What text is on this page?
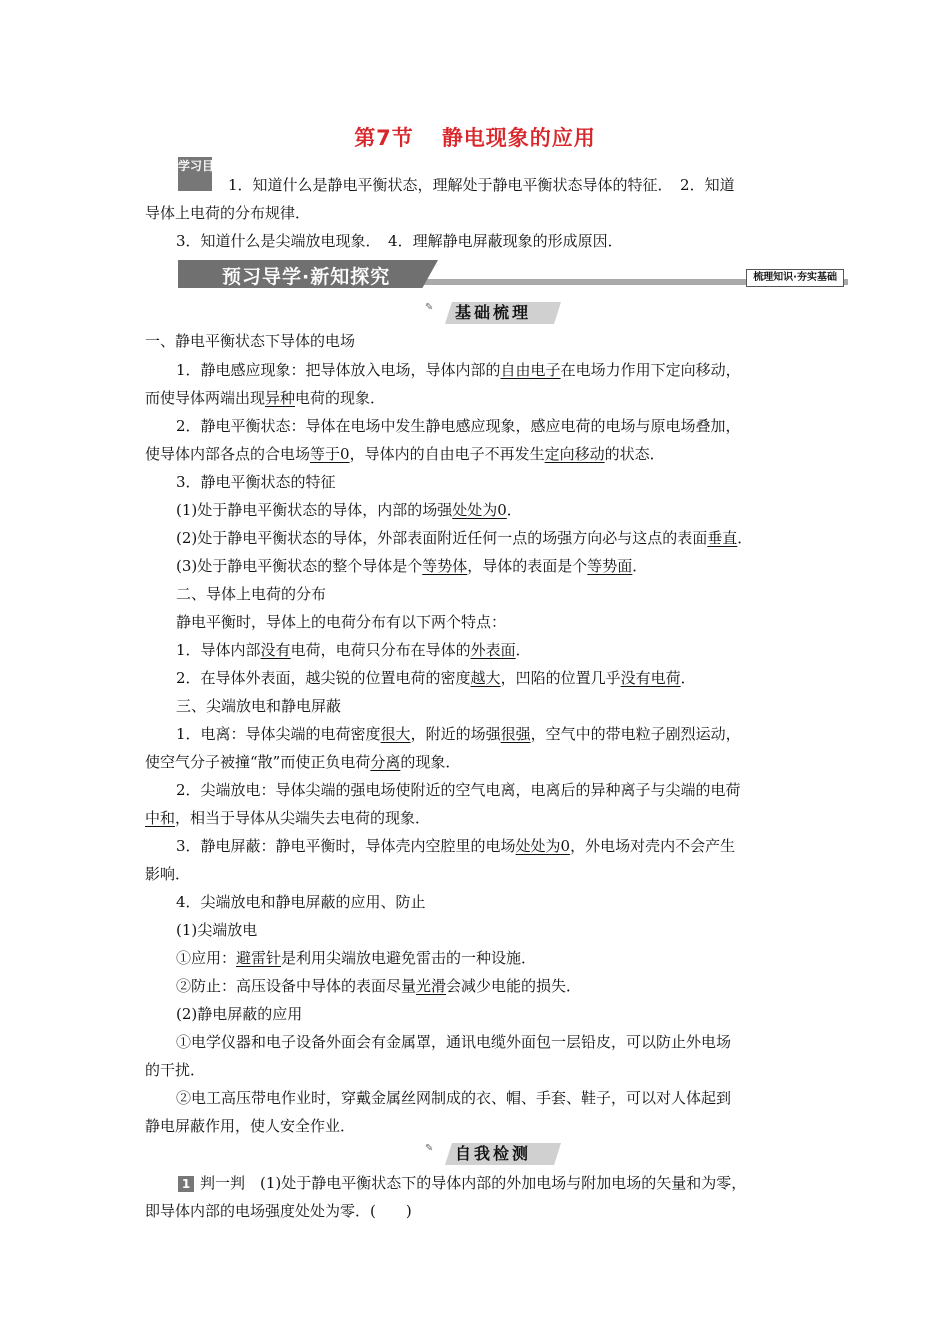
第7节 静电现象的应用
学习目标
1．知道什么是静电平衡状态，理解处于静电平衡状态导体的特征．　2．知道
导体上电荷的分布规律．
3．知道什么是尖端放电现象．　4．理解静电屏蔽现象的形成原因．
预习导学·新知探究	梳理知识·夯实基础
✎	基础梳理
一、静电平衡状态下导体的电场
1．静电感应现象：把导体放入电场，导体内部的自由电子在电场力作用下定向移动，
而使导体两端出现异种电荷的现象．
2．静电平衡状态：导体在电场中发生静电感应现象，感应电荷的电场与原电场叠加，
使导体内部各点的合电场等于0，导体内的自由电子不再发生定向移动的状态．
3．静电平衡状态的特征
(1)处于静电平衡状态的导体，内部的场强处处为0．
(2)处于静电平衡状态的导体，外部表面附近任何一点的场强方向必与这点的表面垂直．
(3)处于静电平衡状态的整个导体是个等势体，导体的表面是个等势面．
二、导体上电荷的分布
静电平衡时，导体上的电荷分布有以下两个特点：
1．导体内部没有电荷，电荷只分布在导体的外表面．
2．在导体外表面，越尖锐的位置电荷的密度越大，凹陷的位置几乎没有电荷．
三、尖端放电和静电屏蔽
1．电离：导体尖端的电荷密度很大，附近的场强很强，空气中的带电粒子剧烈运动，
使空气分子被撞“散”而使正负电荷分离的现象．
2．尖端放电：导体尖端的强电场使附近的空气电离，电离后的异种离子与尖端的电荷
中和，相当于导体从尖端失去电荷的现象．
3．静电屏蔽：静电平衡时，导体壳内空腔里的电场处处为0，外电场对壳内不会产生
影响．
4．尖端放电和静电屏蔽的应用、防止
(1)尖端放电
①应用：避雷针是利用尖端放电避免雷击的一种设施．
②防止：高压设备中导体的表面尽量光滑会减少电能的损失．
(2)静电屏蔽的应用
①电学仪器和电子设备外面会有金属罩，通讯电缆外面包一层铅皮，可以防止外电场
的干扰．
②电工高压带电作业时，穿戴金属丝网制成的衣、帽、手套、鞋子，可以对人体起到
静电屏蔽作用，使人安全作业．
✎	自我检测
1 判一判　(1)处于静电平衡状态下的导体内部的外加电场与附加电场的矢量和为零，
即导体内部的电场强度处处为零．(　　)
